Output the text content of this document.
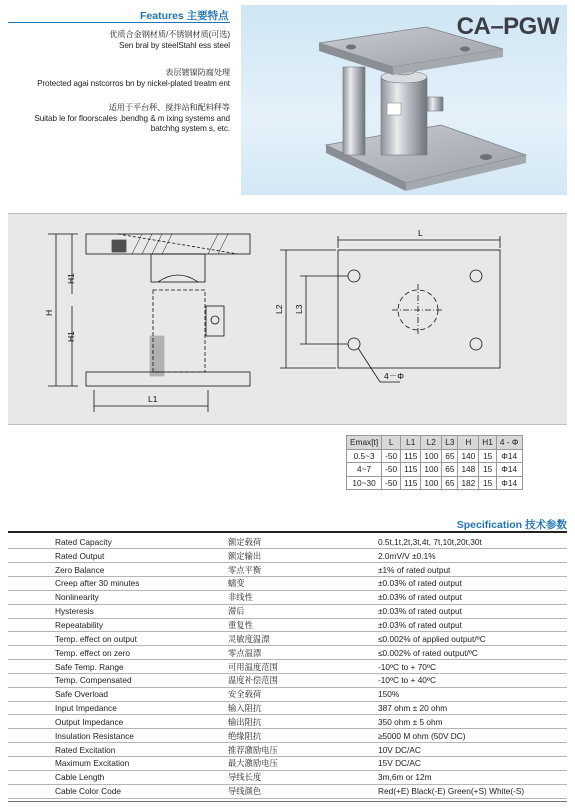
Features 主要特点
优质合金钢材质/不锈钢材质(可选)
Sen bral by steelStahl ess steel
表层镀镍防腐处理
Protected agai nstcorros bn by nickel-plated treatm ent
适用于平台秤、搅拌站和配料秤等
Suitab le for floorscales ,bendhg & m ixing systems and
batchhg system s, etc.
CA–PGW
H1
H
H1
L1
L
L2 L3
4－Φ
Emax[t]	L	L1	L2	L3	H	H1	4 - Φ
0.5~3	-50	115	100	65	140	15	Φ14
4~7	-50	115	100	65	148	15	Φ14
10~30	-50	115	100	65	182	15	Φ14
Specification 技术参数
Rated Capacity	额定载荷	0.5t,1t,2t,3t,4t, 7t,10t,20t,30t
Rated Output	额定输出	2.0mV/V ±0.1%
Zero Balance	零点平衡	±1% of rated output
Creep after 30 minutes	蠕变	±0.03% of rated output
Nonlinearity	非线性	±0.03% of rated output
Hysteresis	滞后	±0.03% of rated output
Repeatability	重复性	±0.03% of rated output
Temp. effect on output	灵敏度温漂	≤0.002% of applied output/ºC
Temp. effect on zero	零点温漂	≤0.002% of rated output/ºC
Safe Temp. Range	可用温度范围	-10ºC to + 70ºC
Temp. Compensated	温度补偿范围	-10ºC to + 40ºC
Safe Overload	安全载荷	150%
Input Impedance	输入阻抗	387 ohm ± 20 ohm
Output Impedance	输出阻抗	350 ohm ± 5 ohm
Insulation Resistance	绝缘阻抗	≥5000 M ohm (50V DC)
Rated Excitation	推荐激励电压	10V DC/AC
Maximum Excitation	最大激励电压	15V DC/AC
Cable Length	导线长度	3m,6m or 12m
Cable Color Code	导线颜色	Red(+E) Black(-E) Green(+S) White(-S)
